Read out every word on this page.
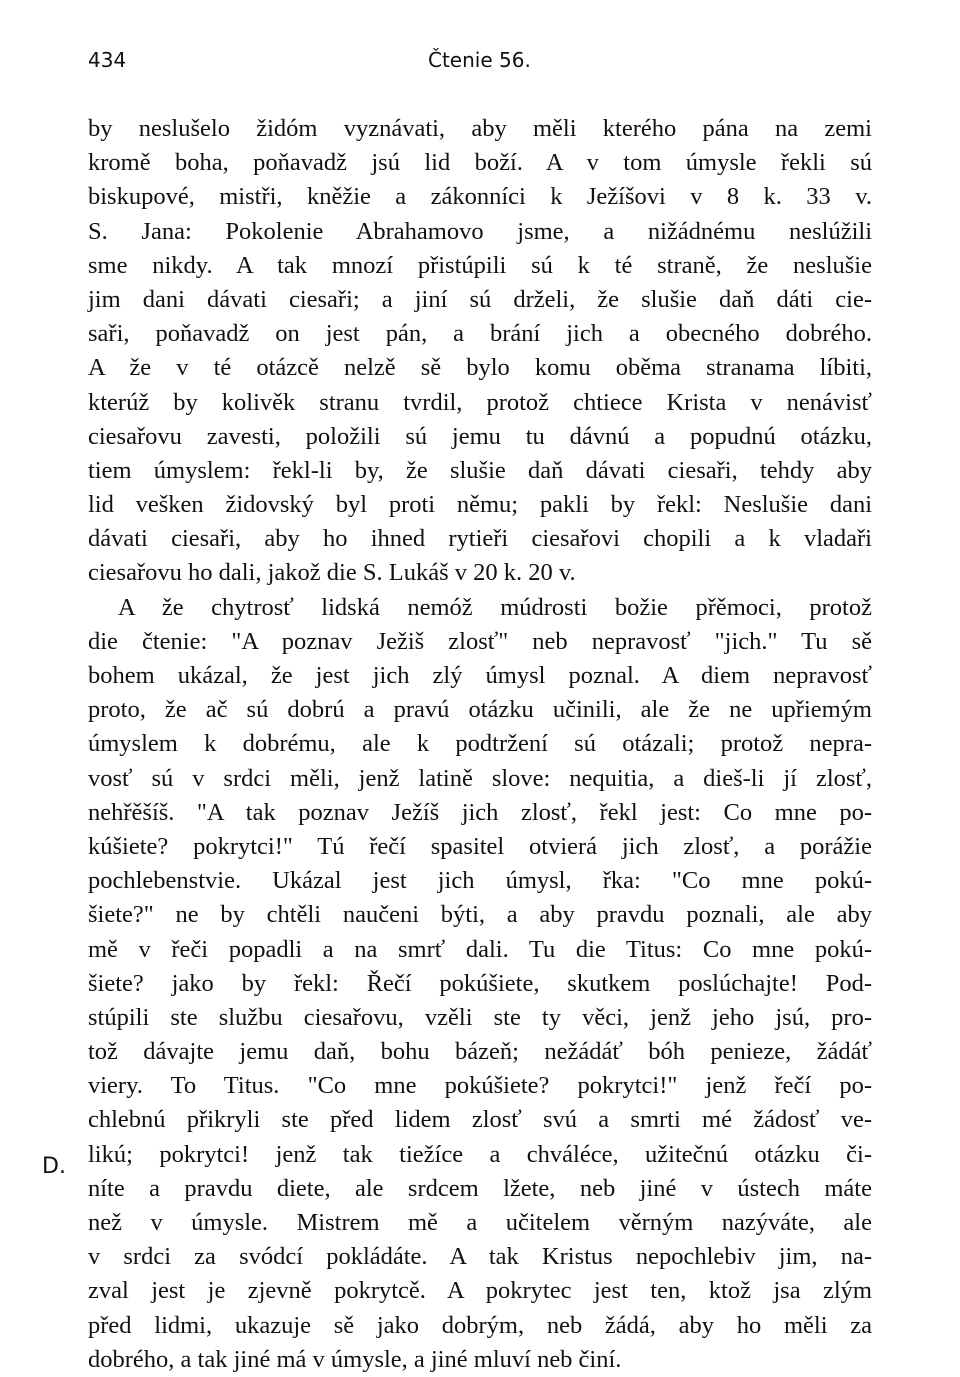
434	Čtenie 56.
by neslušelo židóm vyznávati, aby měli kterého pána na zemi
kromě boha, poňavadž jsú lid boží. A v tom úmysle řekli sú
biskupové, mistři, kněžie a zákonníci k Ježíšovi v 8 k. 33 v.
S. Jana: Pokolenie Abrahamovo jsme, a nižádnému neslúžili
sme nikdy. A tak mnozí přistúpili sú k té straně, že neslušie
jim dani dávati ciesaři; a jiní sú drželi, že slušie daň dáti cie-
saři, poňavadž on jest pán, a brání jich a obecného dobrého.
A že v té otázcě nelzě sě bylo komu oběma stranama líbiti,
kterúž by kolivěk stranu tvrdil, protož chtiece Krista v nenávisť
ciesařovu zavesti, položili sú jemu tu dávnú a popudnú otázku,
tiem úmyslem: řekl-li by, že slušie daň dávati ciesaři, tehdy aby
lid vešken židovský byl proti němu; pakli by řekl: Neslušie dani
dávati ciesaři, aby ho ihned rytieři ciesařovi chopili a k vladaři
ciesařovu ho dali, jakož die S. Lukáš v 20 k. 20 v.
A že chytrosť lidská nemóž múdrosti božie přěmoci, protož
die čtenie: "A poznav Ježiš zlosť" neb nepravosť "jich." Tu sě
bohem ukázal, že jest jich zlý úmysl poznal. A diem nepravosť
proto, že ač sú dobrú a pravú otázku učinili, ale že ne upřiemým
úmyslem k dobrému, ale k podtržení sú otázali; protož nepra-
vosť sú v srdci měli, jenž latině slove: nequitia, a dieš-li jí zlosť,
nehřěšíš. "A tak poznav Ježíš jich zlosť, řekl jest: Co mne po-
kúšiete? pokrytci!" Tú řečí spasitel otvierá jich zlosť, a porážie
pochlebenstvie. Ukázal jest jich úmysl, řka: "Co mne pokú-
šiete?" ne by chtěli naučeni býti, a aby pravdu poznali, ale aby
mě v řeči popadli a na smrť dali. Tu die Titus: Co mne pokú-
šiete? jako by řekl: Řečí pokúšiete, skutkem poslúchajte! Pod-
stúpili ste službu ciesařovu, vzěli ste ty věci, jenž jeho jsú, pro-
tož dávajte jemu daň, bohu bázeň; nežádáť bóh penieze, žádáť
viery. To Titus. "Co mne pokúšiete? pokrytci!" jenž řečí po-
chlebnú přikryli ste před lidem zlosť svú a smrti mé žádosť ve-
likú; pokrytci! jenž tak tiežíce a chválécе, užitečnú otázku či-
níte a pravdu diete, ale srdcem lžete, neb jiné v ústech máte
než v úmysle. Mistrem mě a učitelem věrným nazýváte, ale
v srdci za svódcí pokládáte. A tak Kristus nepochlebiv jim, na-
zval jest je zjevně pokrytcě. A pokrytec jest ten, ktož jsa zlým
před lidmi, ukazuje sě jako dobrým, neb žádá, aby ho měli za
dobrého, a tak jiné má v úmysle, a jiné mluví neb činí.
D.
